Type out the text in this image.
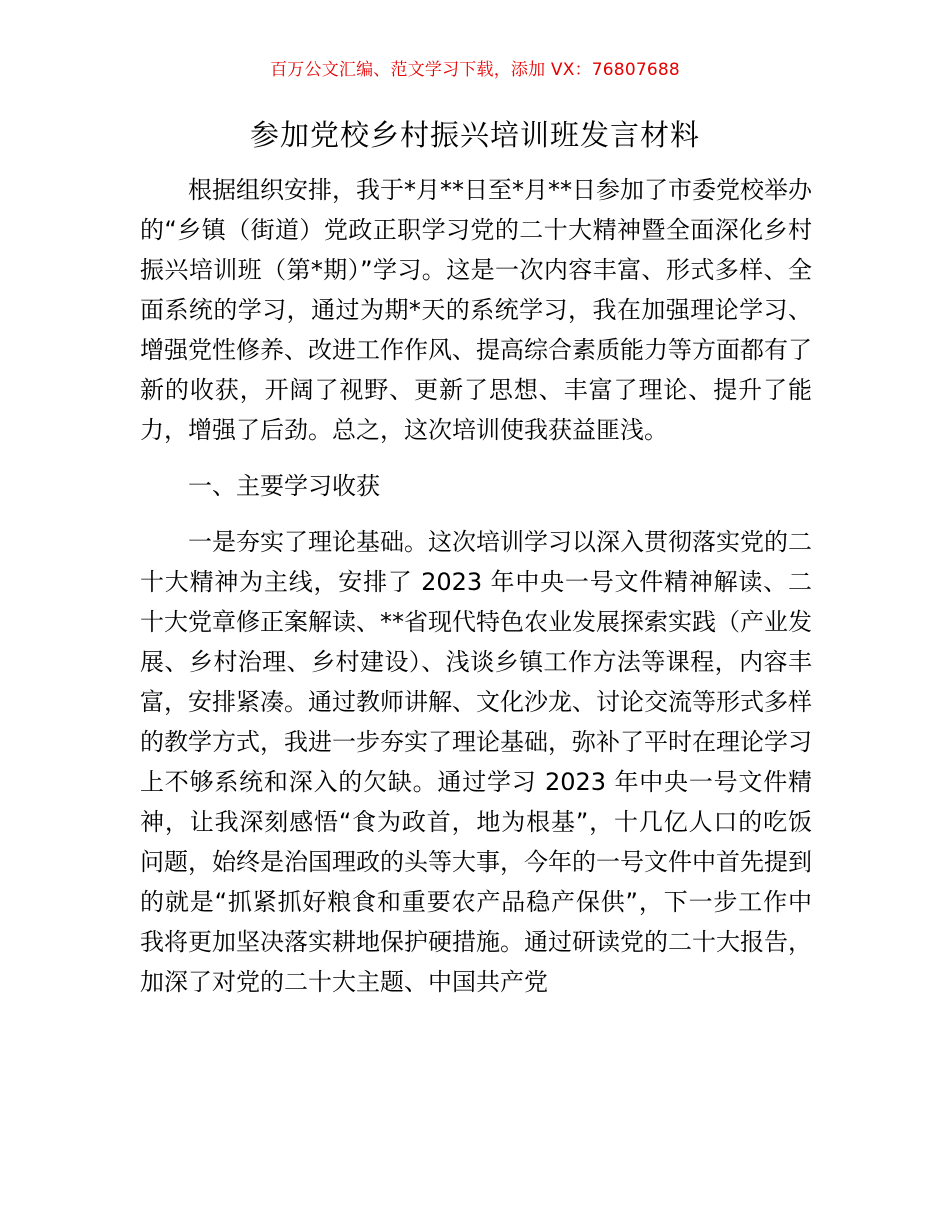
百万公文汇编、范文学习下载，添加 VX：76807688
参加党校乡村振兴培训班发言材料

根据组织安排，我于*月**日至*月**日参加了市委党校举办的“乡镇（街道）党政正职学习党的二十大精神暨全面深化乡村振兴培训班（第*期）”学习。这是一次内容丰富、形式多样、全面系统的学习，通过为期*天的系统学习，我在加强理论学习、增强党性修养、改进工作作风、提高综合素质能力等方面都有了新的收获，开阔了视野、更新了思想、丰富了理论、提升了能力，增强了后劲。总之，这次培训使我获益匪浅。

一、主要学习收获

一是夯实了理论基础。这次培训学习以深入贯彻落实党的二十大精神为主线，安排了 2023 年中央一号文件精神解读、二十大党章修正案解读、**省现代特色农业发展探索实践（产业发展、乡村治理、乡村建设）、浅谈乡镇工作方法等课程，内容丰富，安排紧凑。通过教师讲解、文化沙龙、讨论交流等形式多样的教学方式，我进一步夯实了理论基础，弥补了平时在理论学习上不够系统和深入的欠缺。通过学习 2023 年中央一号文件精神，让我深刻感悟“食为政首，地为根基”，十几亿人口的吃饭问题，始终是治国理政的头等大事，今年的一号文件中首先提到的就是“抓紧抓好粮食和重要农产品稳产保供”，下一步工作中我将更加坚决落实耕地保护硬措施。通过研读党的二十大报告，加深了对党的二十大主题、中国共产党
